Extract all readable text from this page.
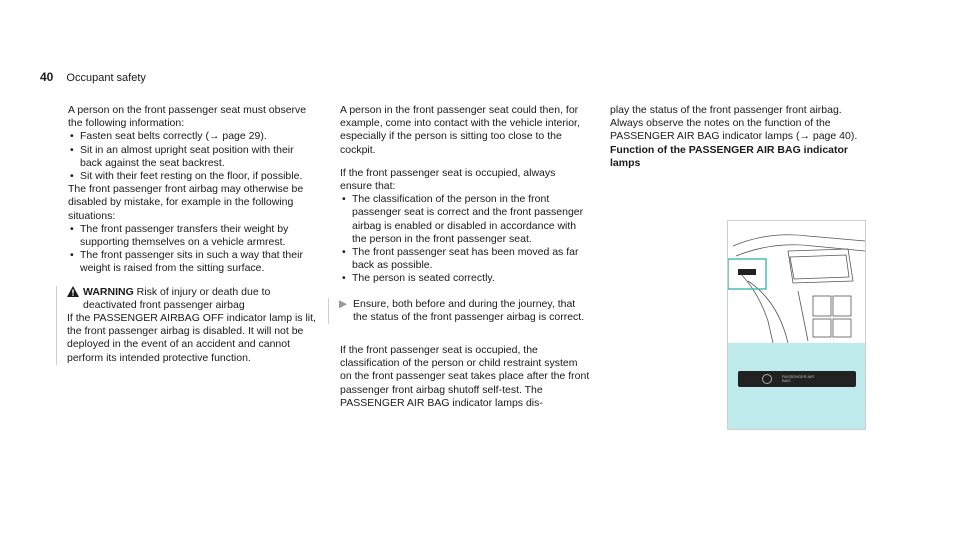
40 Occupant safety

A person on the front passenger seat must observe the following information:

• Fasten seat belts correctly (→ page 29).
• Sit in an almost upright seat position with their back against the seat backrest.
• Sit with their feet resting on the floor, if possible.

The front passenger front airbag may otherwise be disabled by mistake, for example in the following situations:

• The front passenger transfers their weight by supporting themselves on a vehicle armrest.
• The front passenger sits in such a way that their weight is raised from the sitting surface.
WARNING Risk of injury or death due to deactivated front passenger airbag

If the PASSENGER AIRBAG OFF indicator lamp is lit, the front passenger airbag is disabled. It will not be deployed in the event of an accident and cannot perform its intended protective function.

A person in the front passenger seat could then, for example, come into contact with the vehicle interior, especially if the person is sitting too close to the cockpit.

If the front passenger seat is occupied, always ensure that:

• The classification of the person in the front passenger seat is correct and the front passenger airbag is enabled or disabled in accordance with the person in the front passenger seat.
• The front passenger seat has been moved as far back as possible.
• The person is seated correctly.
▶ Ensure, both before and during the journey, that the status of the front passenger airbag is correct.

If the front passenger seat is occupied, the classification of the person or child restraint system on the front passenger seat takes place after the front passenger front airbag shutoff self-test. The PASSENGER AIR BAG indicator lamps dis-

play the status of the front passenger front airbag.

Always observe the notes on the function of the PASSENGER AIR BAG indicator lamps (→ page 40).

Function of the PASSENGER AIR BAG indicator lamps

PASSENGER AIR BAG
